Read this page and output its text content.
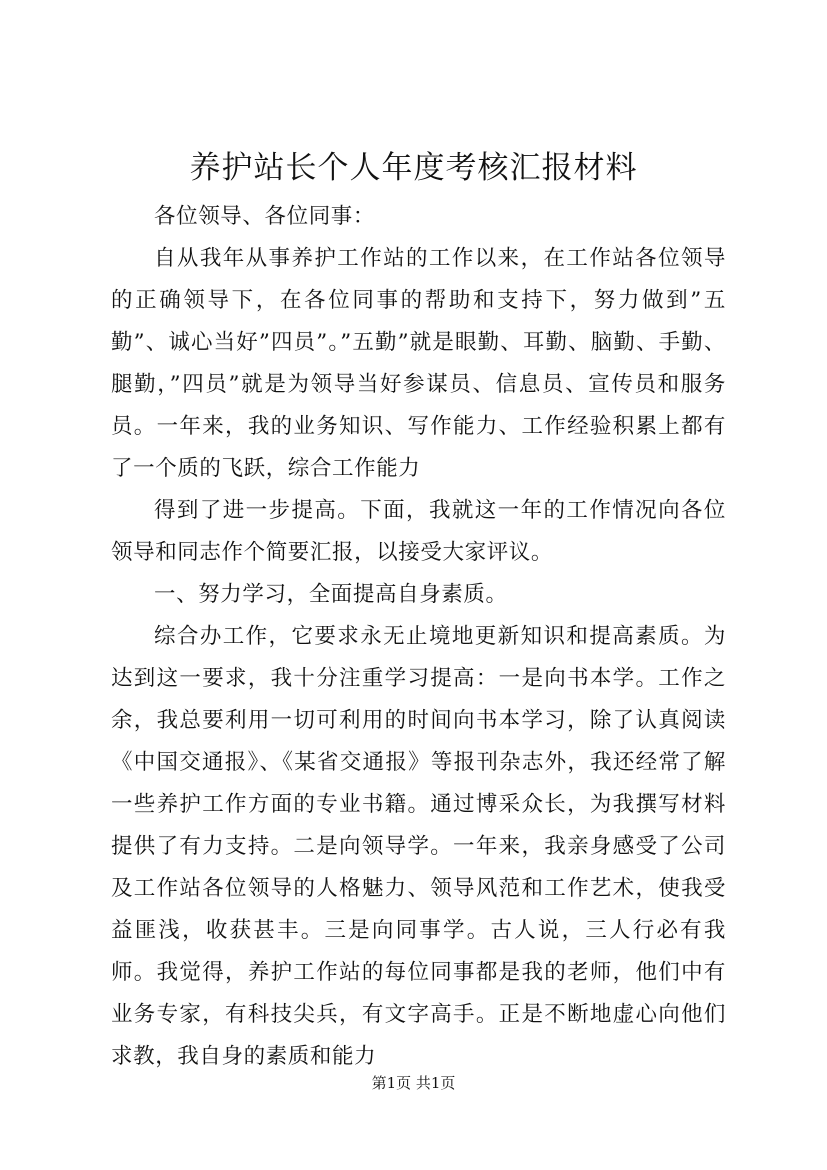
养护站长个人年度考核汇报材料

各位领导、各位同事：

自从我年从事养护工作站的工作以来，在工作站各位领导的正确领导下，在各位同事的帮助和支持下，努力做到”五勤”、诚心当好”四员”。”五勤”就是眼勤、耳勤、脑勤、手勤、腿勤，”四员”就是为领导当好参谋员、信息员、宣传员和服务员。一年来，我的业务知识、写作能力、工作经验积累上都有了一个质的飞跃，综合工作能力

得到了进一步提高。下面，我就这一年的工作情况向各位领导和同志作个简要汇报，以接受大家评议。

一、努力学习，全面提高自身素质。

综合办工作，它要求永无止境地更新知识和提高素质。为达到这一要求，我十分注重学习提高：一是向书本学。工作之余，我总要利用一切可利用的时间向书本学习，除了认真阅读《中国交通报》、《某省交通报》等报刊杂志外，我还经常了解一些养护工作方面的专业书籍。通过博采众长，为我撰写材料提供了有力支持。二是向领导学。一年来，我亲身感受了公司及工作站各位领导的人格魅力、领导风范和工作艺术，使我受益匪浅，收获甚丰。三是向同事学。古人说，三人行必有我师。我觉得，养护工作站的每位同事都是我的老师，他们中有业务专家，有科技尖兵，有文字高手。正是不断地虚心向他们求教，我自身的素质和能力

第1页 共1页
